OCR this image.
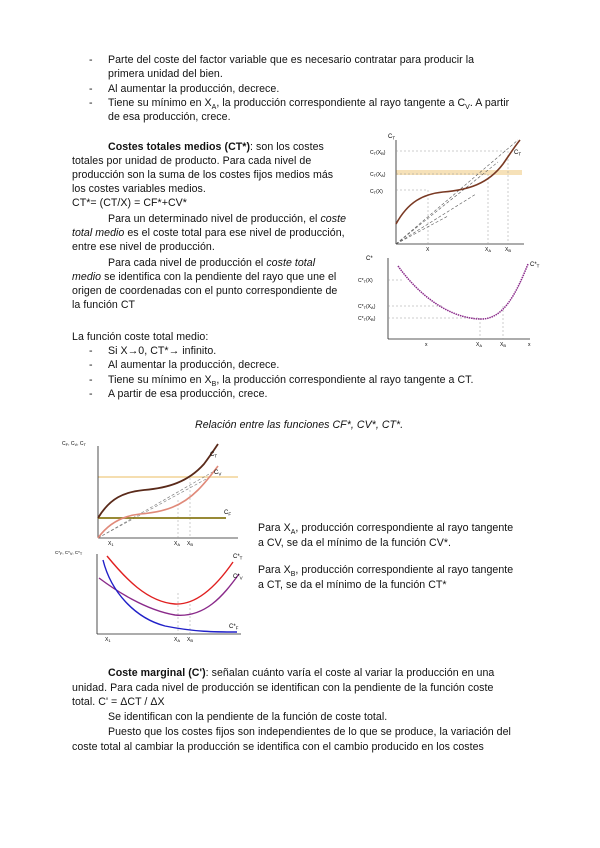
- Parte del coste del factor variable que es necesario contratar para producir la
primera unidad del bien.
- Al aumentar la producción, decrece.
- Tiene su mínimo en $X_A$, la producción correspondiente al rayo tangente a $C_V$. A partir
de esa producción, crece.
Costes totales medios (CT*): son los costes
totales por unidad de producto. Para cada nivel de
producción son la suma de los costes fijos medios más
los costes variables medios.
CT*= (CT/X) = CF*+CV*
Para un determinado nivel de producción, el coste
total medio es el coste total para ese nivel de producción,
entre ese nivel de producción.
Para cada nivel de producción el coste total
medio se identifica con la pendiente del rayo que une el
origen de coordenadas con el punto correspondiente de
la función CT
$C_T$
$C_T(X_B)$
$C_T(X_A)$
$C_T(X)$
$C_T$
X	$X_A$	$X_B$
C*
$C*_T$
$C*_T(X)$
$C*_T(X_A)$
$C*_T(X_B)$
x	$X_A$	$X_B$	x
La función coste total medio:
- Si X→0, CT*→ infinito.
- Al aumentar la producción, decrece.
- Tiene su mínimo en $X_B$, la producción correspondiente al rayo tangente a CT.
- A partir de esa producción, crece.
Relación entre las funciones CF*, CV*, CT*.
$C_F$, $C_V$, $C_T$
$C_T$
$C_V$
$C_F$
$X_1$	$X_A$ $X_B$
$C*_F$, $C*_V$, $C*_T$	$C*_T$
$C*_V$
$C*_F$
$X_1$	$X_A$ $X_B$
Para $X_A$, producción correspondiente al rayo tangente
a CV, se da el mínimo de la función CV*.
Para $X_B$, producción correspondiente al rayo tangente
a CT, se da el mínimo de la función CT*
Coste marginal (C'): señalan cuánto varía el coste al variar la producción en una
unidad. Para cada nivel de producción se identifican con la pendiente de la función coste
total. C' = ΔCT / ΔX
Se identifican con la pendiente de la función de coste total.
Puesto que los costes fijos son independientes de lo que se produce, la variación del
coste total al cambiar la producción se identifica con el cambio producido en los costes
